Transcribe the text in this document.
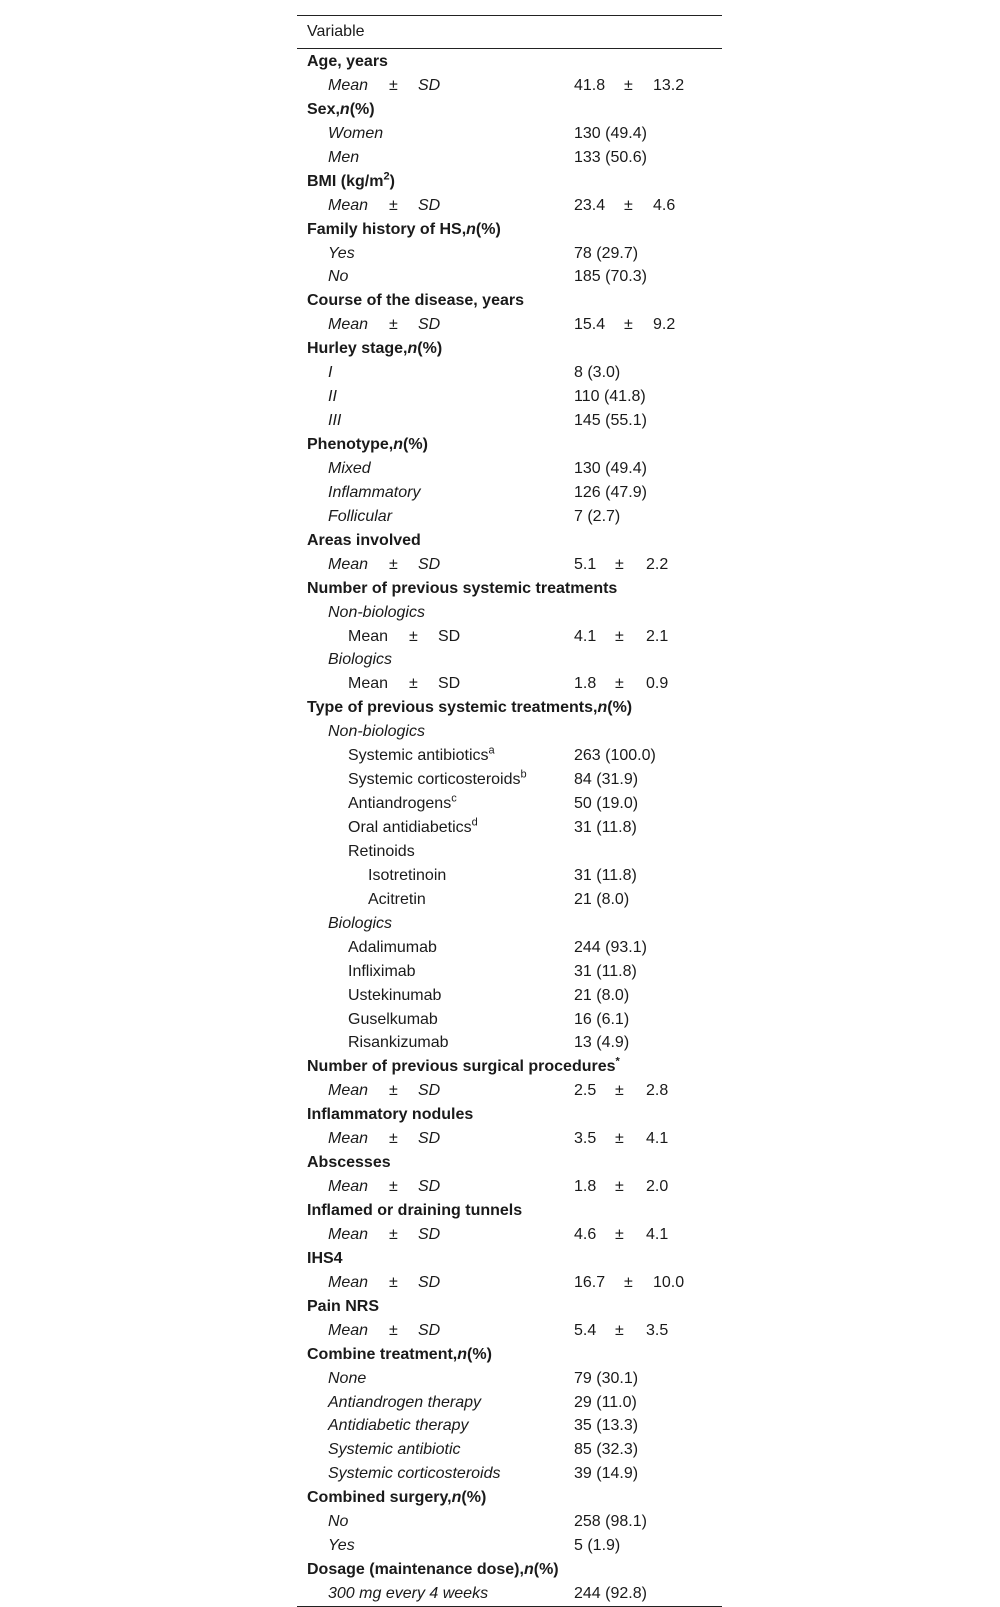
Variable
Age, years
Mean ± SD	41.8 ± 13.2
Sex,n(%)
Women	130 (49.4)
Men	133 (50.6)
BMI $(kg/m^2)$
Mean ± SD	23.4 ± 4.6
Family history of HS,n(%)
Yes	78 (29.7)
No	185 (70.3)
Course of the disease, years
Mean ± SD	15.4 ± 9.2
Hurley stage,n(%)
I	8 (3.0)
II	110 (41.8)
III	145 (55.1)
Phenotype,n(%)
Mixed	130 (49.4)
Inflammatory	126 (47.9)
Follicular	7 (2.7)
Areas involved
Mean ± SD	5.1 ± 2.2
Number of previous systemic treatments
Non-biologics
Mean ± SD	4.1 ± 2.1
Biologics
Mean ± SD	1.8 ± 0.9
Type of previous systemic treatments,n(%)
Non-biologics
Systemic antibiotics$^a$	263 (100.0)
Systemic corticosteroids$^b$	84 (31.9)
Antiandrogens$^c$	50 (19.0)
Oral antidiabetics$^d$	31 (11.8)
Retinoids
Isotretinoin	31 (11.8)
Acitretin	21 (8.0)
Biologics
Adalimumab	244 (93.1)
Infliximab	31 (11.8)
Ustekinumab	21 (8.0)
Guselkumab	16 (6.1)
Risankizumab	13 (4.9)
Number of previous surgical procedures*
Mean ± SD	2.5 ± 2.8
Inflammatory nodules
Mean ± SD	3.5 ± 4.1
Abscesses
Mean ± SD	1.8 ± 2.0
Inflamed or draining tunnels
Mean ± SD	4.6 ± 4.1
IHS4
Mean ± SD	16.7 ± 10.0
Pain NRS
Mean ± SD	5.4 ± 3.5
Combine treatment,n(%)
None	79 (30.1)
Antiandrogen therapy	29 (11.0)
Antidiabetic therapy	35 (13.3)
Systemic antibiotic	85 (32.3)
Systemic corticosteroids	39 (14.9)
Combined surgery,n(%)
No	258 (98.1)
Yes	5 (1.9)
Dosage (maintenance dose),n(%)
300 mg every 4 weeks	244 (92.8)
